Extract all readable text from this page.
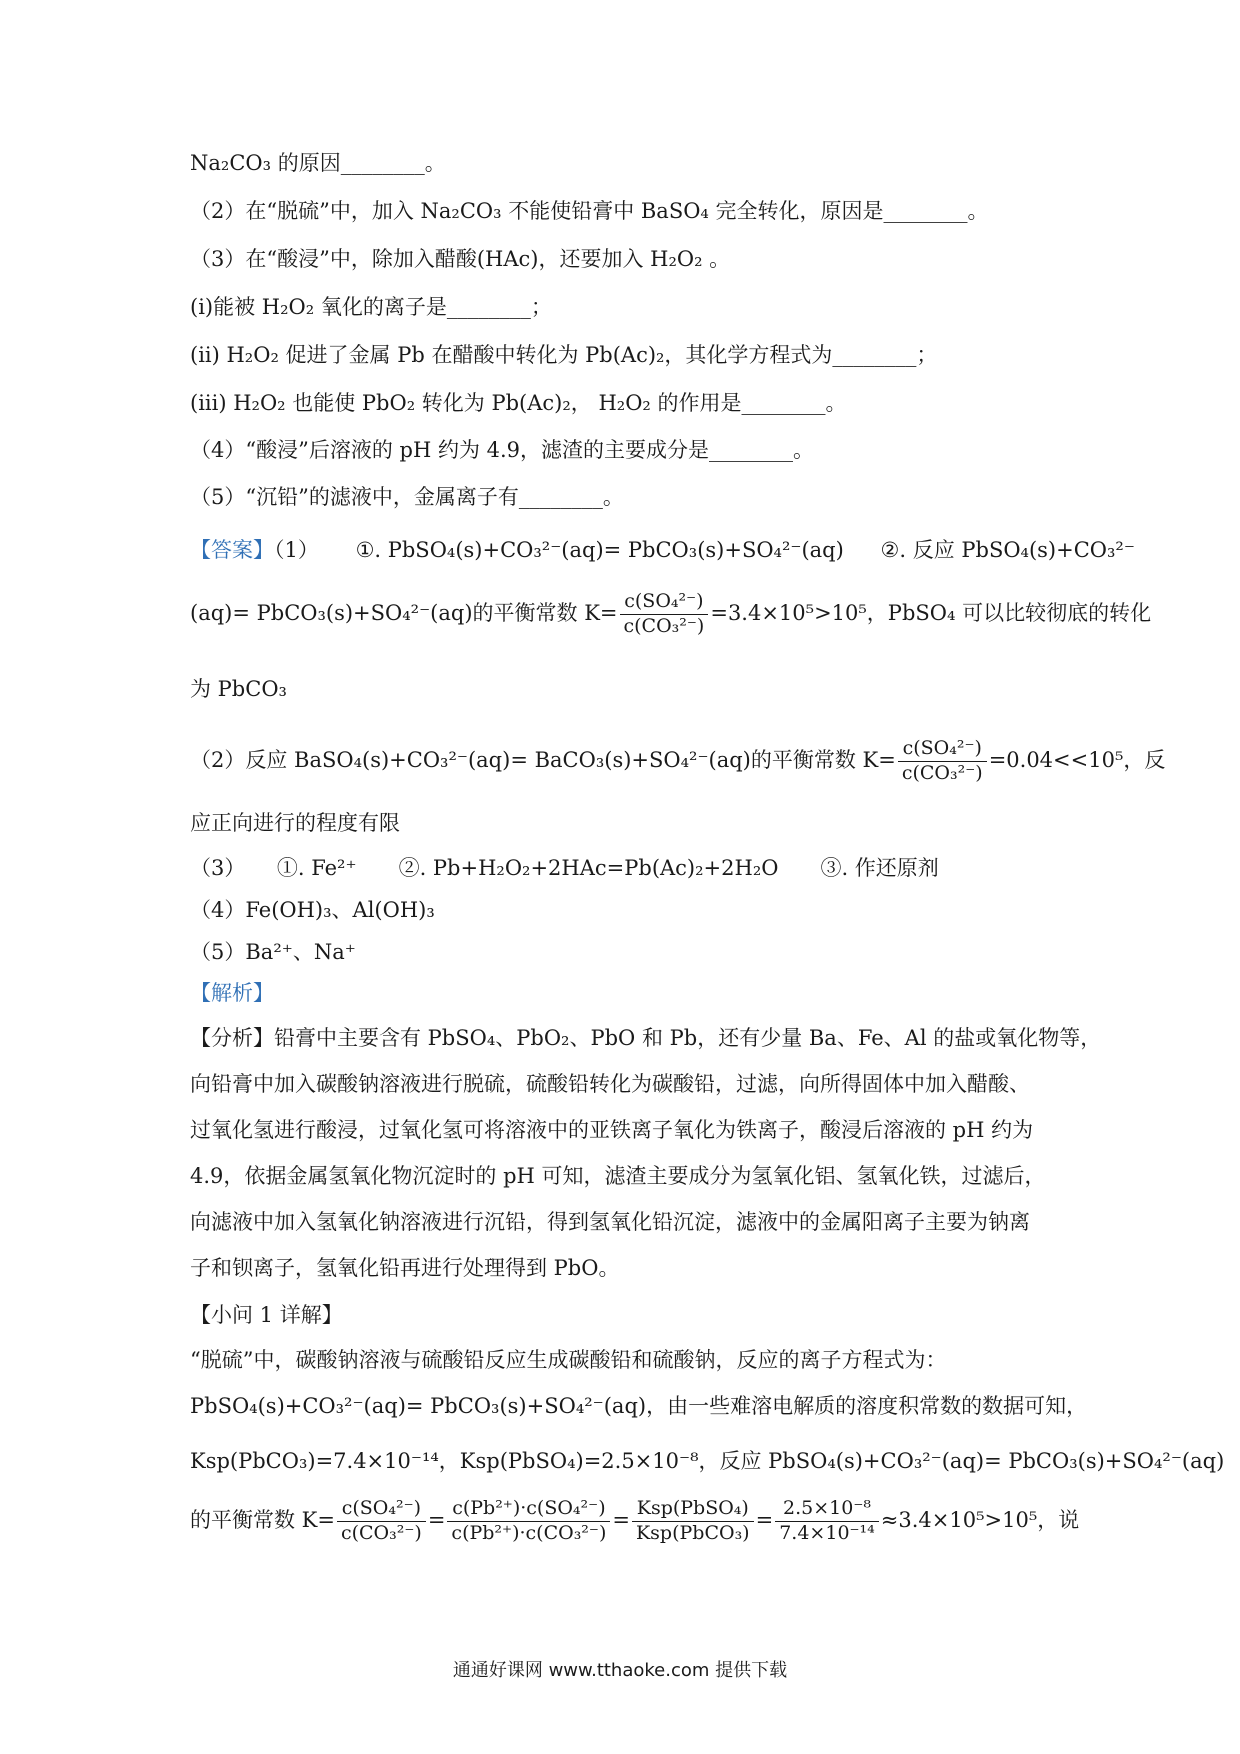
Na₂CO₃ 的原因________。
（2）在“脱硫”中，加入 Na₂CO₃ 不能使铅膏中 BaSO₄ 完全转化，原因是________。
（3）在“酸浸”中，除加入醋酸(HAc)，还要加入 H₂O₂ 。
(i)能被 H₂O₂ 氧化的离子是________；
(ii) H₂O₂ 促进了金属 Pb 在醋酸中转化为 Pb(Ac)₂，其化学方程式为________；
(iii) H₂O₂ 也能使 PbO₂ 转化为 Pb(Ac)₂， H₂O₂ 的作用是________。
（4）“酸浸”后溶液的 pH 约为 4.9，滤渣的主要成分是________。
（5）“沉铅”的滤液中，金属离子有________。
【答案】（1） ①. PbSO₄(s)+CO₃²⁻(aq)= PbCO₃(s)+SO₄²⁻(aq) ②. 反应 PbSO₄(s)+CO₃²⁻
(aq)= PbCO₃(s)+SO₄²⁻(aq)的平衡常数 $K= \frac{\text{c(SO₄²⁻)}}{\text{c(CO₃²⁻)}} =3.4\times 10^5>10^5$，PbSO₄ 可以比较彻底的转化
为 PbCO₃
（2）反应 BaSO₄(s)+CO₃²⁻(aq)= BaCO₃(s)+SO₄²⁻(aq)的平衡常数 $K= \frac{\text{c(SO₄²⁻)}}{\text{c(CO₃²⁻)}} =0.04<<10^5$，反
应正向进行的程度有限
（3）　　①. Fe²⁺　　②. Pb+H₂O₂+2HAc=Pb(Ac)₂+2H₂O　　③. 作还原剂
（4）Fe(OH)₃、Al(OH)₃
（5）Ba²⁺、Na⁺
【解析】
【分析】铅膏中主要含有 PbSO₄、PbO₂、PbO 和 Pb，还有少量 Ba、Fe、Al 的盐或氧化物等，
向铅膏中加入碳酸钠溶液进行脱硫，硫酸铅转化为碳酸铅，过滤，向所得固体中加入醋酸、
过氧化氢进行酸浸，过氧化氢可将溶液中的亚铁离子氧化为铁离子，酸浸后溶液的 pH 约为
4.9，依据金属氢氧化物沉淀时的 pH 可知，滤渣主要成分为氢氧化铝、氢氧化铁，过滤后，
向滤液中加入氢氧化钠溶液进行沉铅，得到氢氧化铅沉淀，滤液中的金属阳离子主要为钠离
子和钡离子，氢氧化铅再进行处理得到 PbO。
【小问 1 详解】
“脱硫”中，碳酸钠溶液与硫酸铅反应生成碳酸铅和硫酸钠，反应的离子方程式为：
PbSO₄(s)+CO₃²⁻(aq)= PbCO₃(s)+SO₄²⁻(aq)，由一些难溶电解质的溶度积常数的数据可知，
Ksp(PbCO₃)=7.4×10⁻¹⁴，Ksp(PbSO₄)=2.5×10⁻⁸，反应 PbSO₄(s)+CO₃²⁻(aq)= PbCO₃(s)+SO₄²⁻(aq)
的平衡常数 $K= \frac{\text{c(SO₄²⁻)}}{\text{c(CO₃²⁻)}} = \frac{\text{c(Pb²⁺)·c(SO₄²⁻)}}{\text{c(Pb²⁺)·c(CO₃²⁻)}} = \frac{\text{Ksp(PbSO₄)}}{\text{Ksp(PbCO₃)}} = \frac{\text{2.5×10⁻⁸}}{\text{7.4×10⁻¹⁴}} \approx 3.4\times 10^5>10^5$，说
通通好课网 www.tthaoke.com 提供下载
